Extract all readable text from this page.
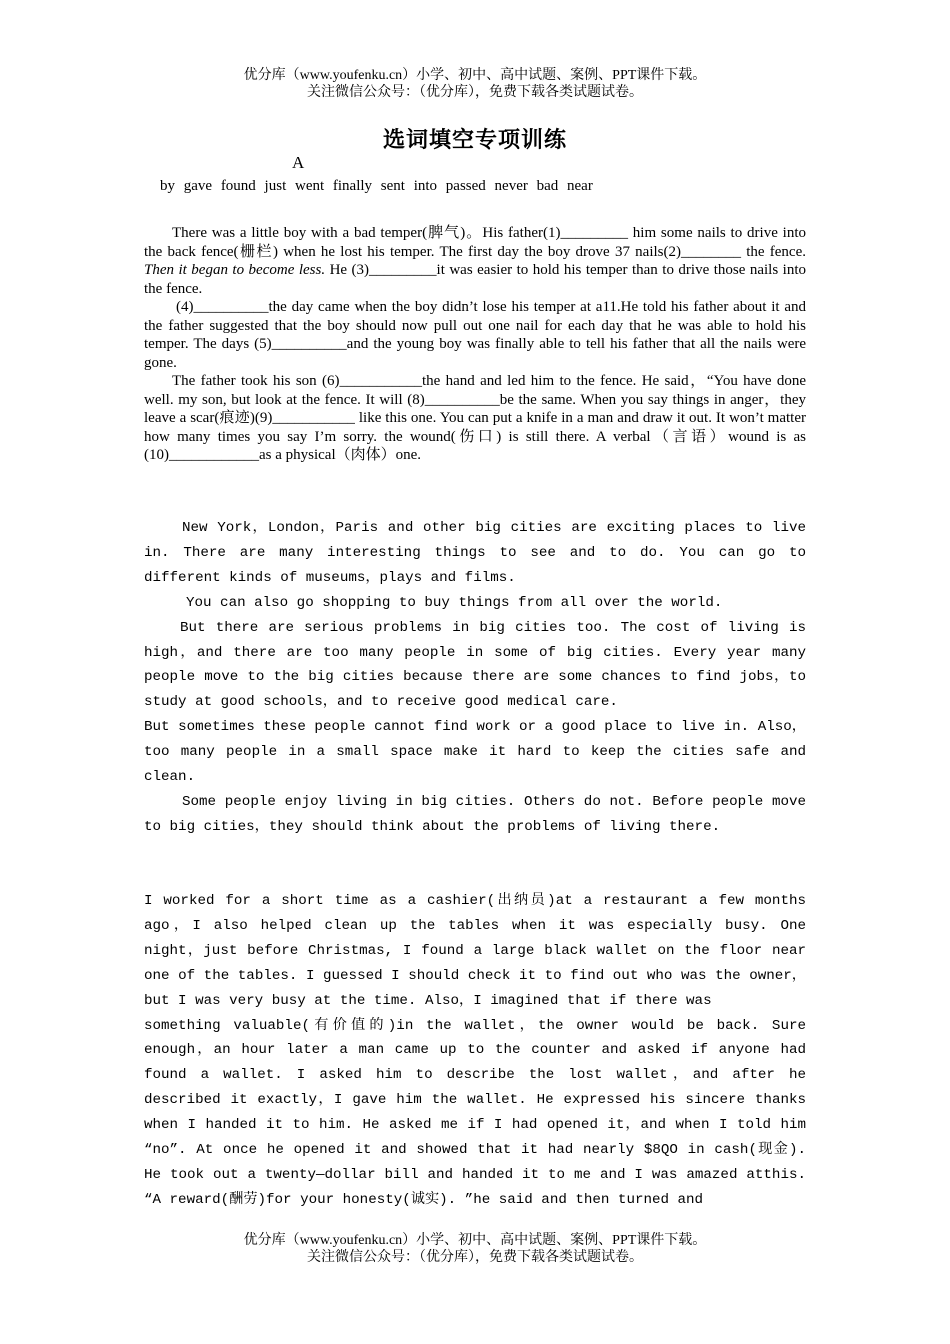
优分库（www.youfenku.cn）小学、初中、高中试题、案例、PPT课件下载。
关注微信公众号：（优分库），免费下载各类试题试卷。
选词填空专项训练
A
by gave found just went finally sent into passed never bad near

There was a little boy with a bad temper(脾气)。His father(1)_________ him some nails to drive into the back fence(栅栏) when he lost his temper. The first day the boy drove 37 nails(2)________ the fence. Then it began to become less. He (3)_________it was easier to hold his temper than to drive those nails into the fence.

(4)__________the day came when the boy didn’t lose his temper at a11.He told his father about it and the father suggested that the boy should now pull out one nail for each day that he was able to hold his temper. The days (5)__________and the young boy was finally able to tell his father that all the nails were gone.

The father took his son (6)___________the hand and led him to the fence. He said，“You have done well. my son, but look at the fence. It will (8)__________be the same. When you say things in anger，they leave a scar(痕迹)(9)___________ like this one. You can put a knife in a man and draw it out. It won’t matter how many times you say I’m sorry. the wound(伤口) is still there. A verbal（言语）wound is as (10)____________as a physical（肉体）one.

New York，London，Paris and other big cities are exciting places to live in. There are many interesting things to see and to do. You can go to different kinds of museums，plays and films.

You can also go shopping to buy things from all over the world.

But there are serious problems in big cities too. The cost of living is high，and there are too many people in some of big cities. Every year many people move to the big cities because there are some chances to find jobs，to study at good schools，and to receive good medical care.

But sometimes these people cannot find work or a good place to live in. Also，too many people in a small space make it hard to keep the cities safe and clean.

Some people enjoy living in big cities. Others do not. Before people move to big cities，they should think about the problems of living there.

I worked for a short time as a cashier(出纳员)at a restaurant a few months ago，I also helped clean up the tables when it was especially busy. One night，just before Christmas, I found a large black wallet on the floor near one of the tables. I guessed I should check it to find out who was the owner，but I was very busy at the time. Also，I imagined that if there was

something valuable(有价值的)in the wallet，the owner would be back. Sure enough，an hour later a man came up to the counter and asked if anyone had found a wallet. I asked him to describe the lost wallet，and after he described it exactly，I gave him the wallet. He expressed his sincere thanks when I handed it to him. He asked me if I had opened it，and when I told him “no”. At once he opened it and showed that it had nearly $8QO in cash(现金). He took out a twenty—dollar bill and handed it to me and I was amazed atthis. “A reward(酬劳)for your honesty(诚实). ”he said and then turned and

优分库（www.youfenku.cn）小学、初中、高中试题、案例、PPT课件下载。
关注微信公众号：（优分库），免费下载各类试题试卷。
